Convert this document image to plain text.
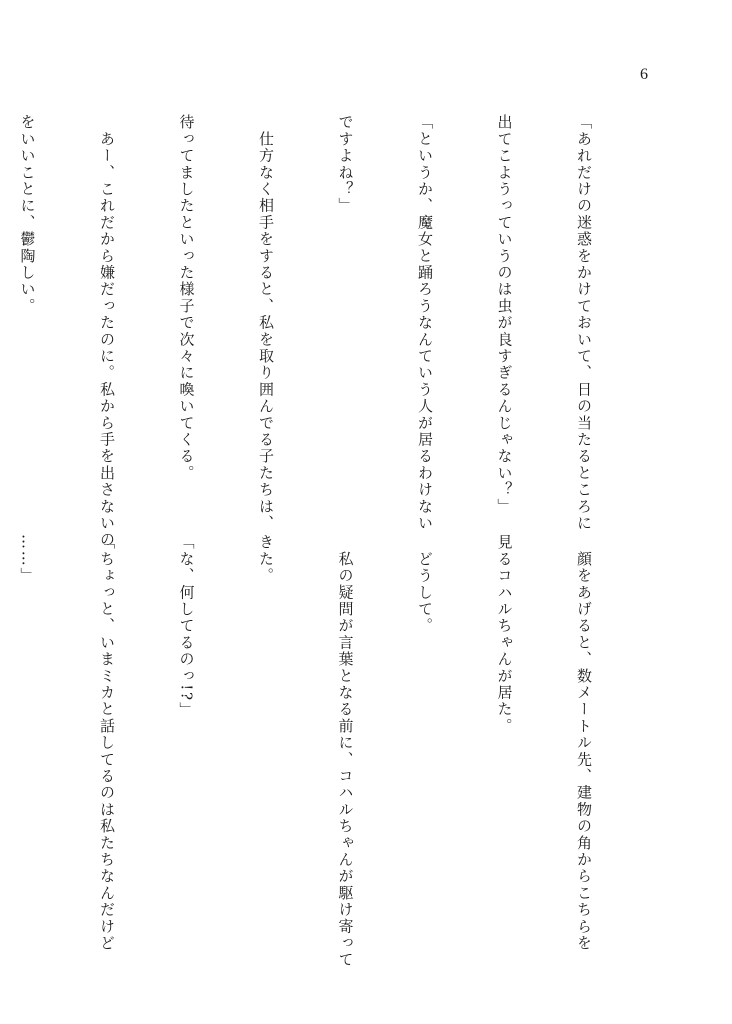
6

「あれだけの迷惑をかけておいて、日の当たるところに

出てこようっていうのは虫が良すぎるんじゃない？」

「というか、魔女と踊ろうなんていう人が居るわけない

ですよね？」

　仕方なく相手をすると、私を取り囲んでる子たちは、

待ってましたといった様子で次々に喚いてくる。

　あー、これだから嫌だったのに。私から手を出さないの

をいいことに、鬱陶しい。

　顔をあげると、数メートル先、建物の角からこちらを

見るコハルちゃんが居た。

　どうして。

　私の疑問が言葉となる前に、コハルちゃんが駆け寄って

きた。

「な、何してるのっ!?」

「ちょっと、いまミカと話してるのは私たちなんだけど

……」
